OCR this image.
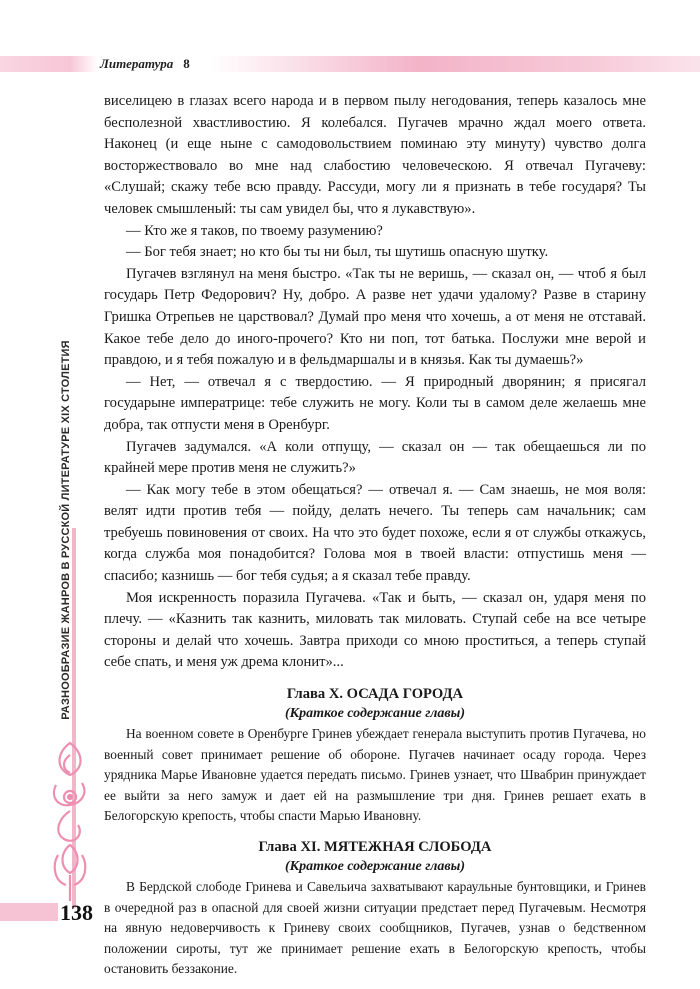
Литература 8
РАЗНООБРАЗИЕ ЖАНРОВ В РУССКОЙ ЛИТЕРАТУРЕ XIX СТОЛЕТИЯ
138

виселицею в глазах всего народа и в первом пылу негодования, теперь казалось мне бесполезной хвастливостию. Я колебался. Пугачев мрачно ждал моего ответа. Наконец (и еще ныне с самодовольствием поминаю эту минуту) чувство долга восторжествовало во мне над слабостию человеческою. Я отвечал Пугачеву: «Слушай; скажу тебе всю правду. Рассуди, могу ли я признать в тебе государя? Ты человек смышленый: ты сам увидел бы, что я лукавствую».

— Кто же я таков, по твоему разумению?

— Бог тебя знает; но кто бы ты ни был, ты шутишь опасную шутку.

Пугачев взглянул на меня быстро. «Так ты не веришь, — сказал он, — чтоб я был государь Петр Федорович? Ну, добро. А разве нет удачи удалому? Разве в старину Гришка Отрепьев не царствовал? Думай про меня что хочешь, а от меня не отставай. Какое тебе дело до иного-прочего? Кто ни поп, тот батька. Послужи мне верой и правдою, и я тебя пожалую и в фельдмаршалы и в князья. Как ты думаешь?»

— Нет, — отвечал я с твердостию. — Я природный дворянин; я присягал государыне императрице: тебе служить не могу. Коли ты в самом деле желаешь мне добра, так отпусти меня в Оренбург.

Пугачев задумался. «А коли отпущу, — сказал он — так обещаешься ли по крайней мере против меня не служить?»

— Как могу тебе в этом обещаться? — отвечал я. — Сам знаешь, не моя воля: велят идти против тебя — пойду, делать нечего. Ты теперь сам начальник; сам требуешь повиновения от своих. На что это будет похоже, если я от службы откажусь, когда служба моя понадобится? Голова моя в твоей власти: отпустишь меня — спасибо; казнишь — бог тебя судья; а я сказал тебе правду.

Моя искренность поразила Пугачева. «Так и быть, — сказал он, ударя меня по плечу. — «Казнить так казнить, миловать так миловать. Ступай себе на все четыре стороны и делай что хочешь. Завтра приходи со мною проститься, а теперь ступай себе спать, и меня уж дрема клонит»...

Глава X. ОСАДА ГОРОДА
(Краткое содержание главы)

На военном совете в Оренбурге Гринев убеждает генерала выступить против Пугачева, но военный совет принимает решение об обороне. Пугачев начинает осаду города. Через урядника Марье Ивановне удается передать письмо. Гринев узнает, что Швабрин принуждает ее выйти за него замуж и дает ей на размышление три дня. Гринев решает ехать в Белогорскую крепость, чтобы спасти Марью Ивановну.

Глава XI. МЯТЕЖНАЯ СЛОБОДА
(Краткое содержание главы)

В Бердской слободе Гринева и Савельича захватывают караульные бунтовщики, и Гринев в очередной раз в опасной для своей жизни ситуации предстает перед Пугачевым. Несмотря на явную недоверчивость к Гриневу своих сообщников, Пугачев, узнав о бедственном положении сироты, тут же принимает решение ехать в Белогорскую крепость, чтобы остановить беззаконие.
